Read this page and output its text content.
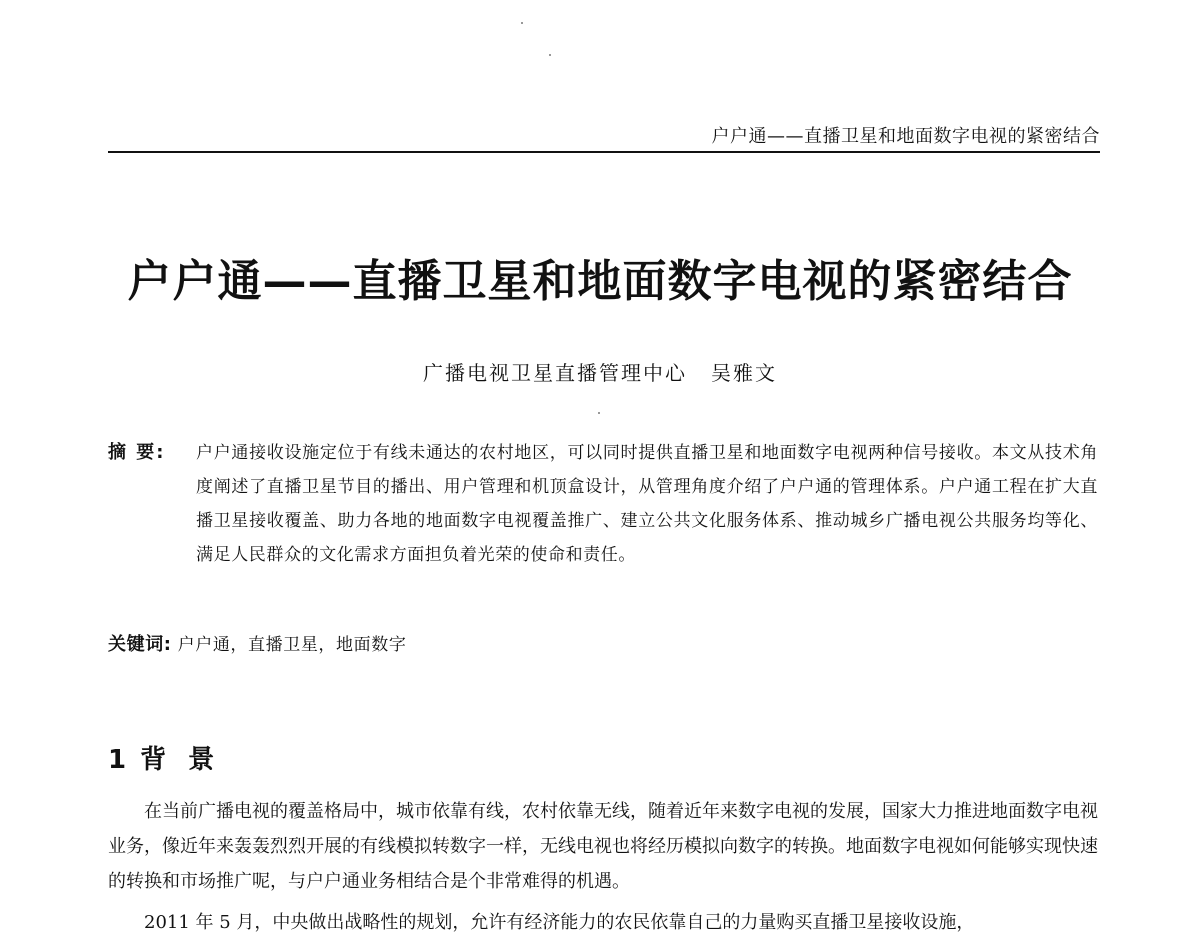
户户通——直播卫星和地面数字电视的紧密结合
户户通——直播卫星和地面数字电视的紧密结合
广播电视卫星直播管理中心 吴雅文
摘 要: 户户通接收设施定位于有线未通达的农村地区，可以同时提供直播卫星和地面数字电视两种信号接收。本文从技术角度阐述了直播卫星节目的播出、用户管理和机顶盒设计，从管理角度介绍了户户通的管理体系。户户通工程在扩大直播卫星接收覆盖、助力各地的地面数字电视覆盖推广、建立公共文化服务体系、推动城乡广播电视公共服务均等化、满足人民群众的文化需求方面担负着光荣的使命和责任。
关键词: 户户通，直播卫星，地面数字
1 背景
在当前广播电视的覆盖格局中，城市依靠有线，农村依靠无线，随着近年来数字电视的发展，国家大力推进地面数字电视业务，像近年来轰轰烈烈开展的有线模拟转数字一样，无线电视也将经历模拟向数字的转换。地面数字电视如何能够实现快速的转换和市场推广呢，与户户通业务相结合是个非常难得的机遇。
2011 年 5 月，中央做出战略性的规划，允许有经济能力的农民依靠自己的力量购买直播卫星接收设施，
